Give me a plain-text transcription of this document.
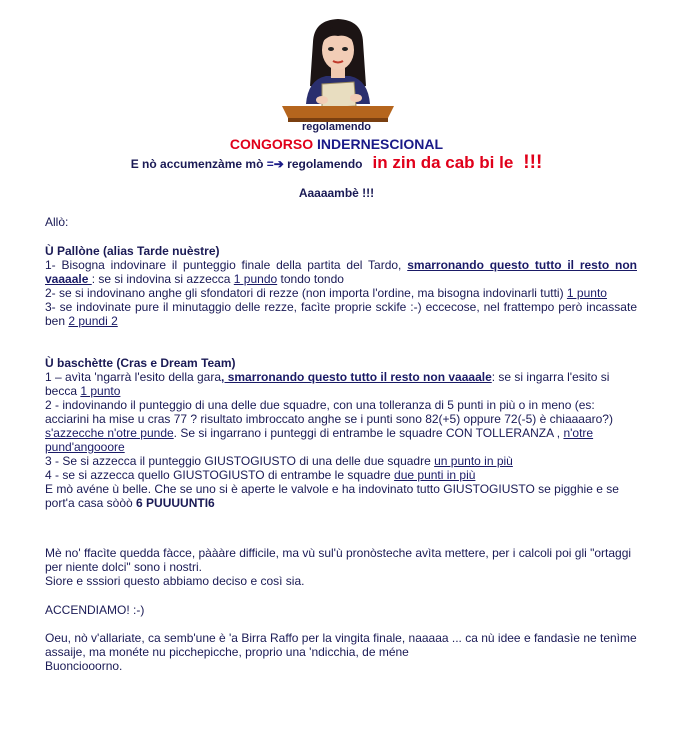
regolamendo
CONGORSO INDERNESCIONAL
E nò accumenzàme mò =➔ regolamendo in zin da cab bi le !!!
Aaaaambè !!!
Allò:

Ù Pallòne (alias Tarde nuèstre)

1- Bisogna indovinare il punteggio finale della partita del Tardo, smarronando questo tutto il resto non vaaaale : se si indovina si azzecca 1 pundo tondo tondo

2- se si indovinano anghe gli sfondatori di rezze (non importa l'ordine, ma bisogna indovinarli tutti) 1 punto

3- se indovinate pure il minutaggio delle rezze, facìte proprie sckife :-) eccecose, nel frattempo però incassate ben 2 pundi 2

Ù baschètte (Cras e Dream Team)

1 – avìta 'ngarrà l'esito della gara, smarronando questo tutto il resto non vaaaale: se si ingarra l'esito si becca 1 punto

2 - indovinando il punteggio di una delle due squadre, con una tolleranza di 5 punti in più o in meno (es: acciarini ha mise u cras 77 ? risultato imbroccato anghe se i punti sono 82(+5) oppure 72(-5) è chiaaaaro?) s'azzecche n'otre punde. Se si ingarrano i punteggi di entrambe le squadre CON TOLLERANZA , n'otre pund'angooore

3 - Se si azzecca il punteggio GIUSTOGIUSTO di una delle due squadre un punto in più

4 - se si azzecca quello GIUSTOGIUSTO di entrambe le squadre due punti in più

E mò avéne ù belle. Che se uno si è aperte le valvole e ha indovinato tutto GIUSTOGIUSTO se pigghie e se port'a casa sòòò 6 PUUUUNTI6

Mè no' ffacìte quedda fàcce, pàààre difficile, ma vù sul'ù pronòsteche avìta mettere, per i calcoli poi gli "ortaggi per niente dolci" sono i nostri.

Siore e sssiori questo abbiamo deciso e così sia.

ACCENDIAMO! :-)

Oeu, nò v'allariate, ca semb'une è 'a Birra Raffo per la vingita finale, naaaaa ... ca nù idee e fandasìe ne tenìme assaije, ma monéte nu picchepicche, proprio una 'ndicchia, de méne

Buonciooorno.
